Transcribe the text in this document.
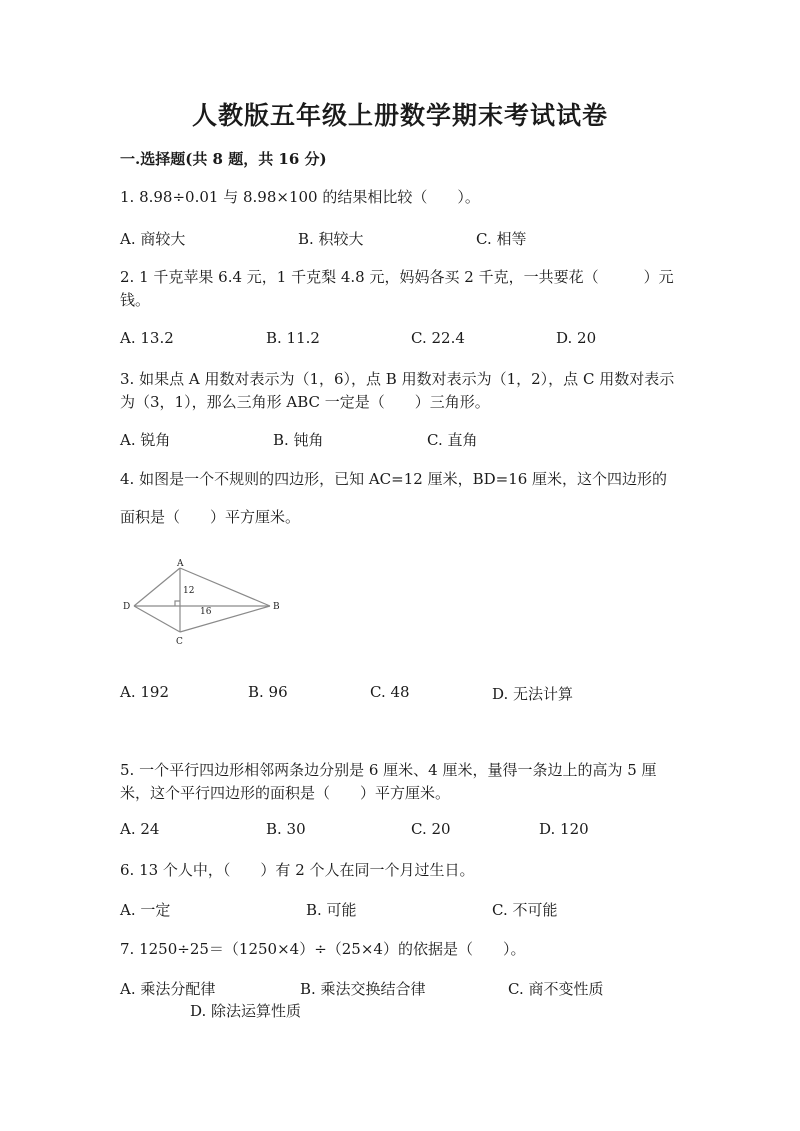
人教版五年级上册数学期末考试试卷
一.选择题(共 8 题，共 16 分)
1. 8.98÷0.01 与 8.98×100 的结果相比较（　　）。
A. 商较大	B. 积较大	C. 相等
2. 1 千克苹果 6.4 元，1 千克梨 4.8 元，妈妈各买 2 千克，一共要花（　　　）元钱。
A. 13.2	B. 11.2	C. 22.4	D. 20
3. 如果点 A 用数对表示为（1，6），点 B 用数对表示为（1，2），点 C 用数对表示为（3，1），那么三角形 ABC 一定是（　　）三角形。
A. 锐角	B. 钝角	C. 直角
4. 如图是一个不规则的四边形，已知 AC=12 厘米，BD=16 厘米，这个四边形的
面积是（　　）平方厘米。
A
B
C
D
12
16
A. 192	B. 96	C. 48	D. 无法计算
5. 一个平行四边形相邻两条边分别是 6 厘米、4 厘米，量得一条边上的高为 5 厘米，这个平行四边形的面积是（　　）平方厘米。
A. 24	B. 30	C. 20	D. 120
6. 13 个人中，（　　）有 2 个人在同一个月过生日。
A. 一定	B. 可能	C. 不可能
7. 1250÷25＝（1250×4）÷（25×4）的依据是（　　）。
A. 乘法分配律	B. 乘法交换结合律	C. 商不变性质
D. 除法运算性质
